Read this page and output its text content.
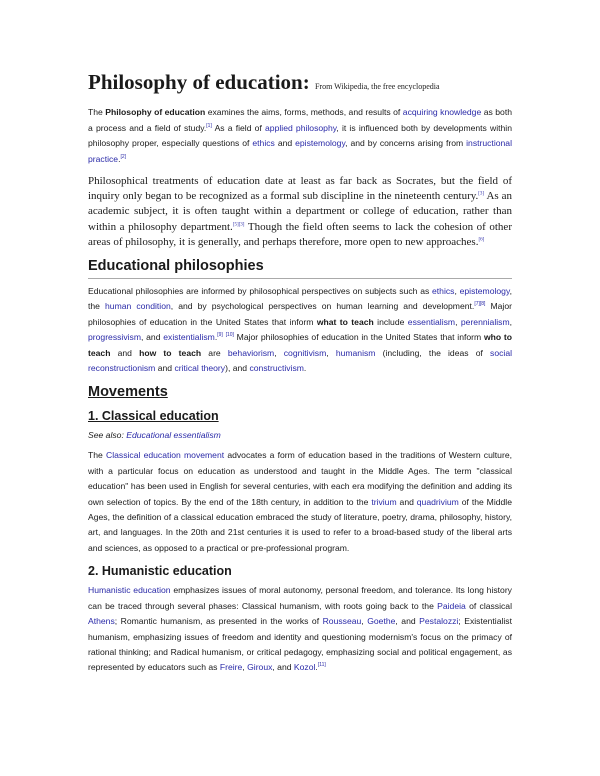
Philosophy of education: From Wikipedia, the free encyclopedia

The Philosophy of education examines the aims, forms, methods, and results of acquiring knowledge as both a process and a field of study.[1] As a field of applied philosophy, it is influenced both by developments within philosophy proper, especially questions of ethics and epistemology, and by concerns arising from instructional practice.[2]

Philosophical treatments of education date at least as far back as Socrates, but the field of inquiry only began to be recognized as a formal sub discipline in the nineteenth century.[3] As an academic subject, it is often taught within a department or college of education, rather than within a philosophy department.[5][3] Though the field often seems to lack the cohesion of other areas of philosophy, it is generally, and perhaps therefore, more open to new approaches.[6]

Educational philosophies

Educational philosophies are informed by philosophical perspectives on subjects such as ethics, epistemology, the human condition, and by psychological perspectives on human learning and development.[7][8] Major philosophies of education in the United States that inform what to teach include essentialism, perennialism, progressivism, and existentialism.[9] [10] Major philosophies of education in the United States that inform who to teach and how to teach are behaviorism, cognitivism, humanism (including, the ideas of social reconstructionism and critical theory), and constructivism.

Movements
1. Classical education
See also: Educational essentialism

The Classical education movement advocates a form of education based in the traditions of Western culture, with a particular focus on education as understood and taught in the Middle Ages. The term "classical education" has been used in English for several centuries, with each era modifying the definition and adding its own selection of topics. By the end of the 18th century, in addition to the trivium and quadrivium of the Middle Ages, the definition of a classical education embraced the study of literature, poetry, drama, philosophy, history, art, and languages. In the 20th and 21st centuries it is used to refer to a broad-based study of the liberal arts and sciences, as opposed to a practical or pre-professional program.

2. Humanistic education

Humanistic education emphasizes issues of moral autonomy, personal freedom, and tolerance. Its long history can be traced through several phases: Classical humanism, with roots going back to the Paideia of classical Athens; Romantic humanism, as presented in the works of Rousseau, Goethe, and Pestalozzi; Existentialist humanism, emphasizing issues of freedom and identity and questioning modernism's focus on the primacy of rational thinking; and Radical humanism, or critical pedagogy, emphasizing social and political engagement, as represented by educators such as Freire, Giroux, and Kozol.[11]
